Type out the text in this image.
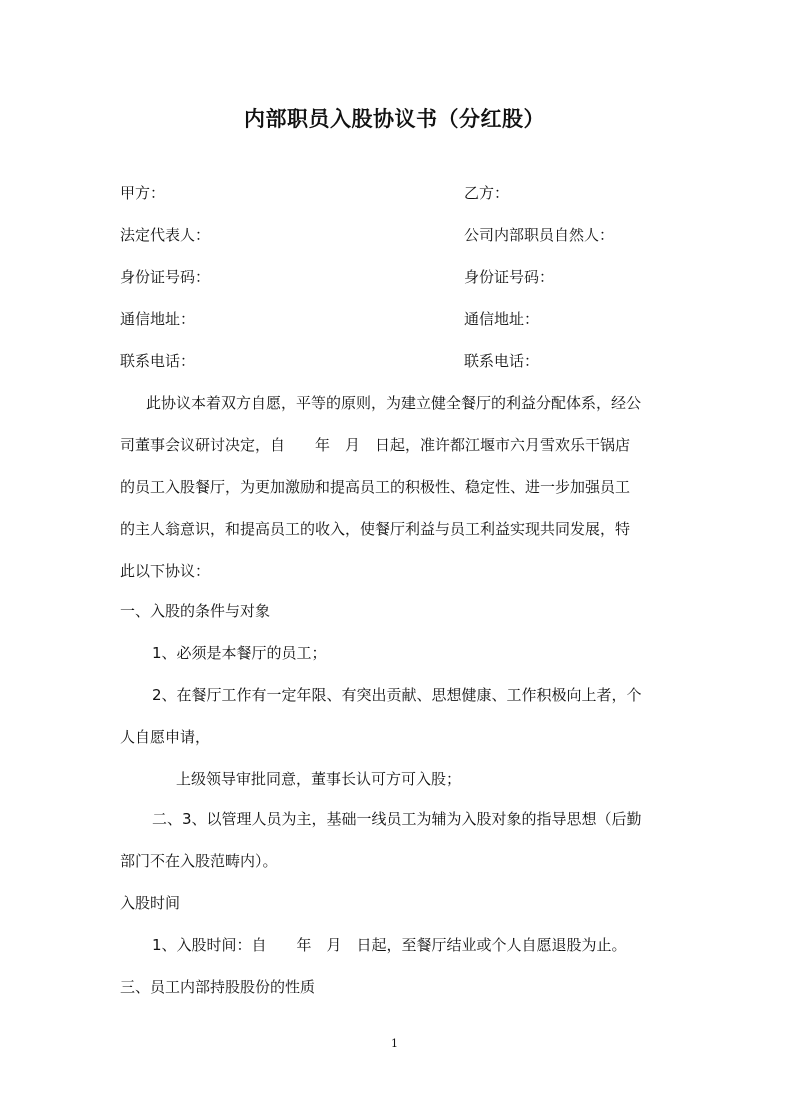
内部职员入股协议书（分红股）
甲方：	乙方：
法定代表人：	公司内部职员自然人：
身份证号码：	身份证号码：
通信地址：	通信地址：
联系电话：	联系电话：
此协议本着双方自愿，平等的原则，为建立健全餐厅的利益分配体系，经公
司董事会议研讨决定，自　　年　月　日起，准许都江堰市六月雪欢乐干锅店
的员工入股餐厅，为更加激励和提高员工的积极性、稳定性、进一步加强员工
的主人翁意识，和提高员工的收入，使餐厅利益与员工利益实现共同发展，特
此以下协议：
一、入股的条件与对象
1、必须是本餐厅的员工；
2、在餐厅工作有一定年限、有突出贡献、思想健康、工作积极向上者，个
人自愿申请，
上级领导审批同意，董事长认可方可入股；
二、3、以管理人员为主，基础一线员工为辅为入股对象的指导思想（后勤
部门不在入股范畴内）。
入股时间
1、入股时间：自　　年　月　日起，至餐厅结业或个人自愿退股为止。
三、员工内部持股股份的性质
1
